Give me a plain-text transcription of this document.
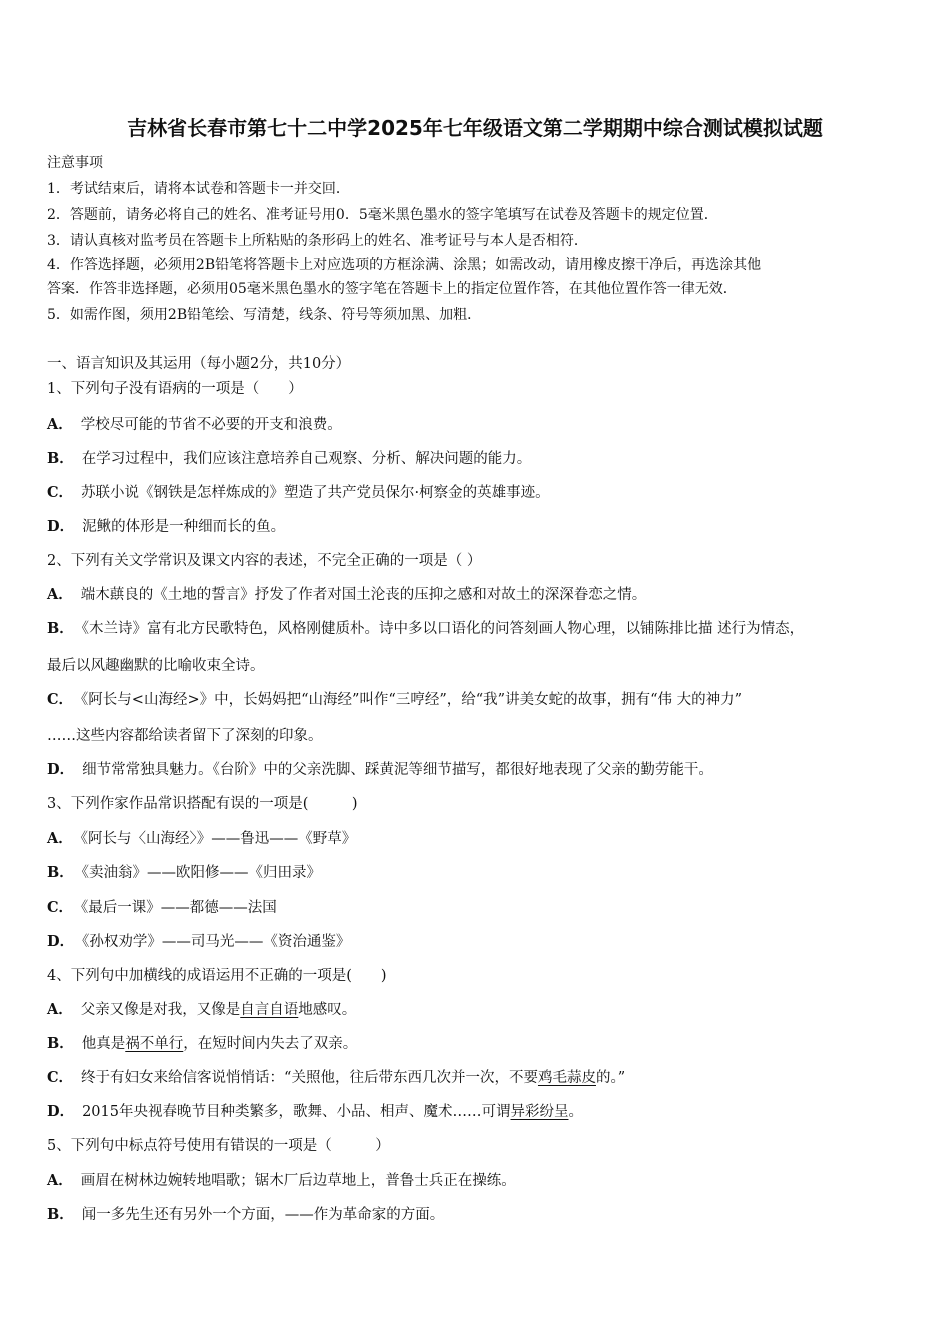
吉林省长春市第七十二中学2025年七年级语文第二学期期中综合测试模拟试题
注意事项
1．考试结束后，请将本试卷和答题卡一并交回．
2．答题前，请务必将自己的姓名、准考证号用0．5毫米黑色墨水的签字笔填写在试卷及答题卡的规定位置．
3．请认真核对监考员在答题卡上所粘贴的条形码上的姓名、准考证号与本人是否相符．
4．作答选择题，必须用2B铅笔将答题卡上对应选项的方框涂满、涂黑；如需改动，请用橡皮擦干净后，再选涂其他
答案．作答非选择题，必须用05毫米黑色墨水的签字笔在答题卡上的指定位置作答，在其他位置作答一律无效．
5．如需作图，须用2B铅笔绘、写清楚，线条、符号等须加黑、加粗．
一、语言知识及其运用（每小题2分，共10分）
1、下列句子没有语病的一项是（　　）
A． 学校尽可能的节省不必要的开支和浪费。
B． 在学习过程中，我们应该注意培养自己观察、分析、解决问题的能力。
C． 苏联小说《钢铁是怎样炼成的》塑造了共产党员保尔·柯察金的英雄事迹。
D． 泥鳅的体形是一种细而长的鱼。
2、下列有关文学常识及课文内容的表述，不完全正确的一项是（ ）
A． 端木蕻良的《土地的誓言》抒发了作者对国土沦丧的压抑之感和对故土的深深眷恋之情。
B． 《木兰诗》富有北方民歌特色，风格刚健质朴。诗中多以口语化的问答刻画人物心理，以铺陈排比描 述行为情态，
最后以风趣幽默的比喻收束全诗。
C． 《阿长与<山海经>》中，长妈妈把“山海经”叫作“三哼经”，给“我”讲美女蛇的故事，拥有“伟 大的神力”
……这些内容都给读者留下了深刻的印象。
D． 细节常常独具魅力。《台阶》中的父亲洗脚、踩黄泥等细节描写，都很好地表现了父亲的勤劳能干。
3、下列作家作品常识搭配有误的一项是(　　　)
A． 《阿长与〈山海经〉》——鲁迅——《野草》
B． 《卖油翁》——欧阳修——《归田录》
C． 《最后一课》——都德——法国
D． 《孙权劝学》——司马光——《资治通鉴》
4、下列句中加横线的成语运用不正确的一项是(　　)
A． 父亲又像是对我，又像是自言自语地感叹。
B． 他真是祸不单行，在短时间内失去了双亲。
C． 终于有妇女来给信客说悄悄话：“关照他，往后带东西几次并一次，不要鸡毛蒜皮的。”
D． 2015年央视春晚节目种类繁多，歌舞、小品、相声、魔术……可谓异彩纷呈。
5、下列句中标点符号使用有错误的一项是（　　　）
A． 画眉在树林边婉转地唱歌；锯木厂后边草地上，普鲁士兵正在操练。
B． 闻一多先生还有另外一个方面，——作为革命家的方面。
